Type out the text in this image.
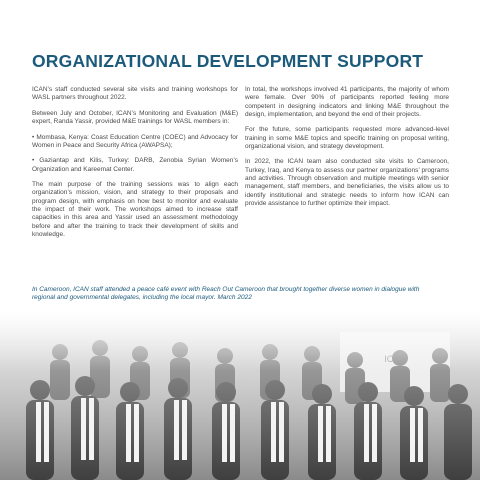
ORGANIZATIONAL DEVELOPMENT SUPPORT

ICAN’s staff conducted several site visits and training workshops for WASL partners throughout 2022.

Between July and October, ICAN’s Monitoring and Evaluation (M&E) expert, Randa Yassir, provided M&E trainings for WASL members in:

• Mombasa, Kenya: Coast Education Centre (COEC) and Advocacy for Women in Peace and Security Africa (AWAPSA);

• Gaziantap and Kilis, Turkey: DARB, Zenobia Syrian Women’s Organization and Kareemat Center.

The main purpose of the training sessions was to align each organization’s mission, vision, and strategy to their proposals and program design, with emphasis on how best to monitor and evaluate the impact of their work. The workshops aimed to increase staff capacities in this area and Yassir used an assessment methodology before and after the training to track their development of skills and knowledge.

In total, the workshops involved 41 participants, the majority of whom were female. Over 90% of participants reported feeling more competent in designing indicators and linking M&E throughout the design, implementation, and beyond the end of their projects.

For the future, some participants requested more advanced-level training in some M&E topics and specific training on proposal writing, organizational vision, and strategy development.

In 2022, the ICAN team also conducted site visits to Cameroon, Turkey, Iraq, and Kenya to assess our partner organizations’ programs and activities. Through observation and multiple meetings with senior management, staff members, and beneficiaries, the visits allow us to identify institutional and strategic needs to inform how ICAN can provide assistance to further optimize their impact.

In Cameroon, ICAN staff attended a peace café event with Reach Out Cameroon that brought together diverse women in dialogue with regional and governmental delegates, including the local mayor. March 2022
